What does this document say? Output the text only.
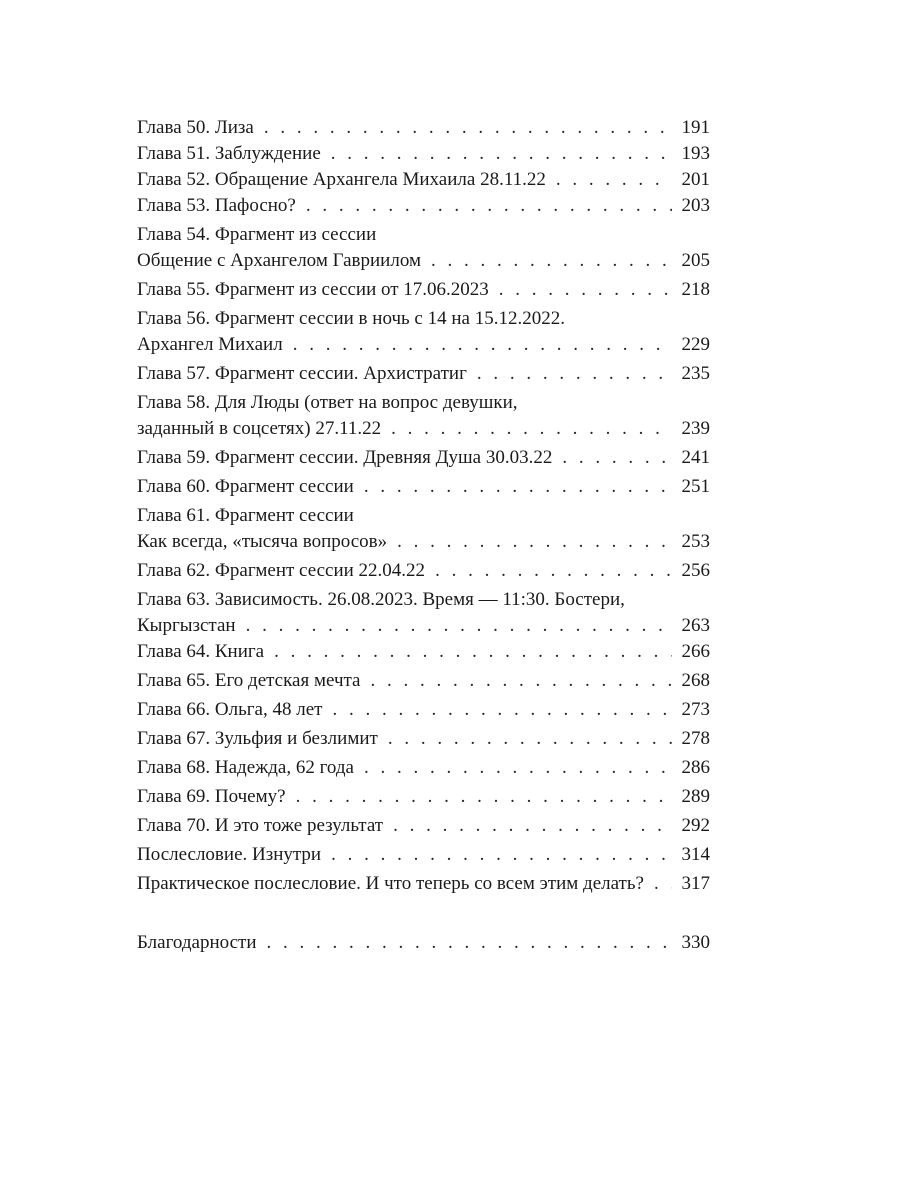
Глава 50. Лиза . . .	191
Глава 51. Заблуждение . . .	193
Глава 52. Обращение Архангела Михаила 28.11.22 . . .	201
Глава 53. Пафосно? . . .	203
Глава 54. Фрагмент из сессии
Общение с Архангелом Гавриилом . . .	205
Глава 55. Фрагмент из сессии от 17.06.2023 . . .	218
Глава 56. Фрагмент сессии в ночь с 14 на 15.12.2022.
Архангел Михаил . . .	229
Глава 57. Фрагмент сессии. Архистратиг . . .	235
Глава 58. Для Люды (ответ на вопрос девушки,
заданный в соцсетях) 27.11.22 . . .	239
Глава 59. Фрагмент сессии. Древняя Душа 30.03.22 . . .	241
Глава 60. Фрагмент сессии . . .	251
Глава 61. Фрагмент сессии
Как всегда, «тысяча вопросов» . . .	253
Глава 62. Фрагмент сессии 22.04.22 . . .	256
Глава 63. Зависимость. 26.08.2023. Время — 11:30. Бостери,
Кыргызстан . . .	263
Глава 64. Книга . . .	266
Глава 65. Его детская мечта . . .	268
Глава 66. Ольга, 48 лет . . .	273
Глава 67. Зульфия и безлимит . . .	278
Глава 68. Надежда, 62 года . . .	286
Глава 69. Почему? . . .	289
Глава 70. И это тоже результат . . .	292
Послесловие. Изнутри . . .	314
Практическое послесловие. И что теперь со всем этим делать? . . . 317
Благодарности . . .	330
